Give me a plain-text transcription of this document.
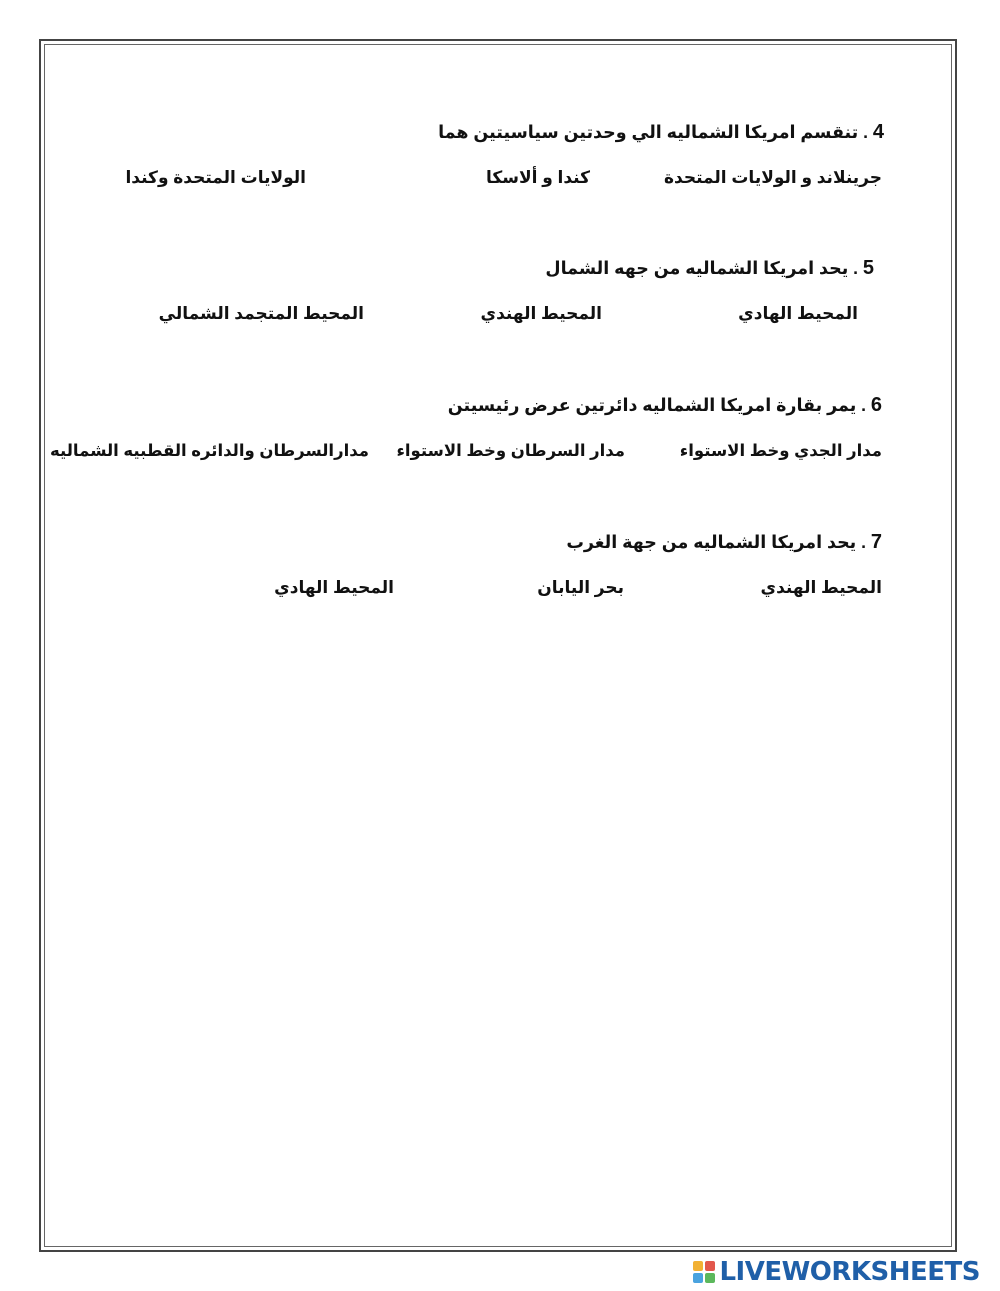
4 . تنقسم امريكا الشماليه الي وحدتين سياسيتين هما
جرينلاند و الولايات المتحدة
كندا و ألاسكا
الولايات المتحدة وكندا
5 . يحد امريكا الشماليه من جهه الشمال
المحيط الهادي
المحيط الهندي
المحيط المتجمد الشمالي
6 . يمر بقارة امريكا الشماليه دائرتين عرض رئيسيتن
مدار الجدي وخط الاستواء
مدار السرطان وخط الاستواء
مدارالسرطان والدائره القطبيه الشماليه
7 . يحد امريكا الشماليه من جهة الغرب
المحيط الهندي
بحر اليابان
المحيط الهادي
LIVEWORKSHEETS
